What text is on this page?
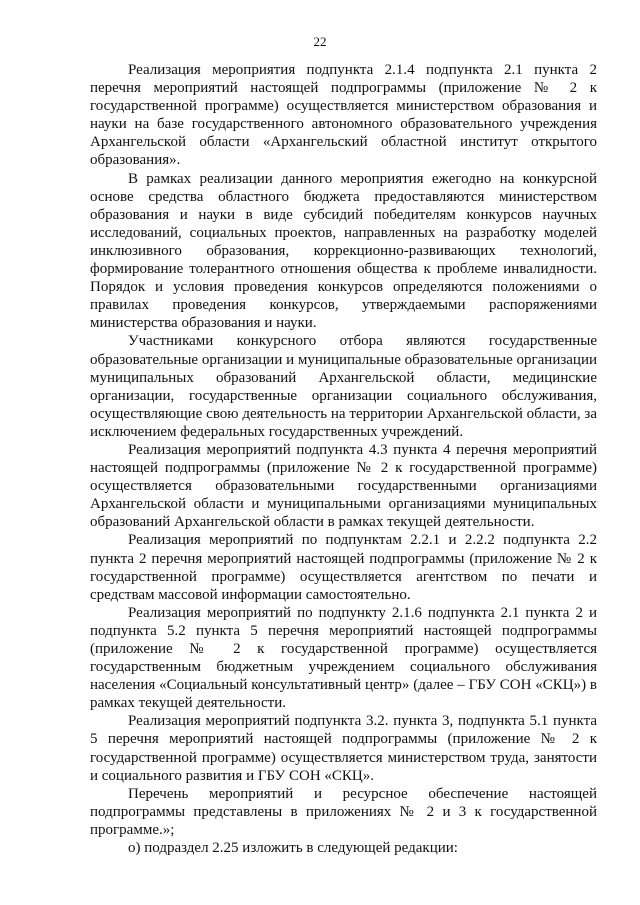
22

Реализация мероприятия подпункта 2.1.4 подпункта 2.1 пункта 2 перечня мероприятий настоящей подпрограммы (приложение № 2 к государственной программе) осуществляется министерством образования и науки на базе государственного автономного образовательного учреждения Архангельской области «Архангельский областной институт открытого образования».

В рамках реализации данного мероприятия ежегодно на конкурсной основе средства областного бюджета предоставляются министерством образования и науки в виде субсидий победителям конкурсов научных исследований, социальных проектов, направленных на разработку моделей инклюзивного образования, коррекционно-развивающих технологий, формирование толерантного отношения общества к проблеме инвалидности. Порядок и условия проведения конкурсов определяются положениями о правилах проведения конкурсов, утверждаемыми распоряжениями министерства образования и науки.

Участниками конкурсного отбора являются государственные образовательные организации и муниципальные образовательные организации муниципальных образований Архангельской области, медицинские организации, государственные организации социального обслуживания, осуществляющие свою деятельность на территории Архангельской области, за исключением федеральных государственных учреждений.

Реализация мероприятий подпункта 4.3 пункта 4 перечня мероприятий настоящей подпрограммы (приложение № 2 к государственной программе) осуществляется образовательными государственными организациями Архангельской области и муниципальными организациями муниципальных образований Архангельской области в рамках текущей деятельности.

Реализация мероприятий по подпунктам 2.2.1 и 2.2.2 подпункта 2.2 пункта 2 перечня мероприятий настоящей подпрограммы (приложение № 2 к государственной программе) осуществляется агентством по печати и средствам массовой информации самостоятельно.

Реализация мероприятий по подпункту 2.1.6 подпункта 2.1 пункта 2 и подпункта 5.2 пункта 5 перечня мероприятий настоящей подпрограммы (приложение № 2 к государственной программе) осуществляется государственным бюджетным учреждением социального обслуживания населения «Социальный консультативный центр» (далее – ГБУ СОН «СКЦ») в рамках текущей деятельности.

Реализация мероприятий подпункта 3.2. пункта 3, подпункта 5.1 пункта 5 перечня мероприятий настоящей подпрограммы (приложение № 2 к государственной программе) осуществляется министерством труда, занятости и социального развития и ГБУ СОН «СКЦ».

Перечень мероприятий и ресурсное обеспечение настоящей подпрограммы представлены в приложениях № 2 и 3 к государственной программе.»;

о) подраздел 2.25 изложить в следующей редакции:
